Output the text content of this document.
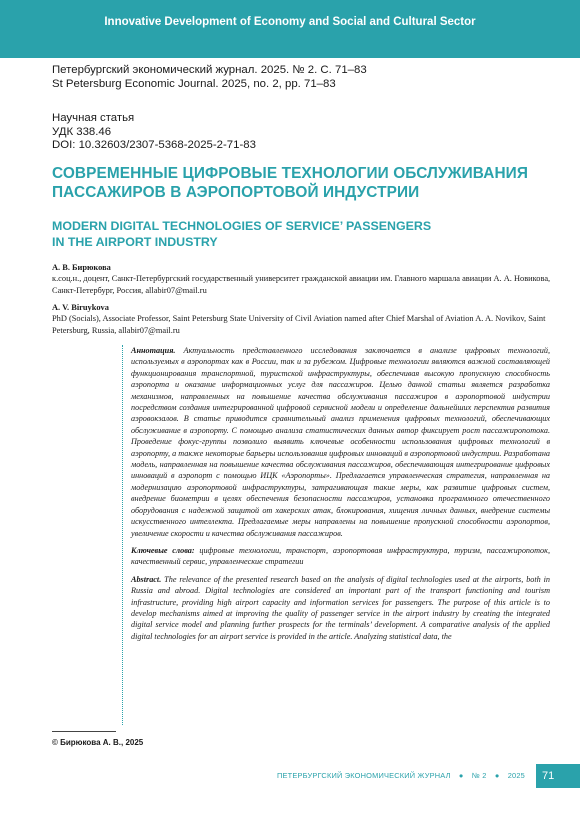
Innovative Development of Economy and Social and Cultural Sector
Петербургский экономический журнал. 2025. № 2. С. 71–83
St Petersburg Economic Journal. 2025, no. 2, pp. 71–83
Научная статья
УДК 338.46
DOI: 10.32603/2307-5368-2025-2-71-83
СОВРЕМЕННЫЕ ЦИФРОВЫЕ ТЕХНОЛОГИИ ОБСЛУЖИВАНИЯ ПАССАЖИРОВ В АЭРОПОРТОВОЙ ИНДУСТРИИ
MODERN DIGITAL TECHNOLOGIES OF SERVICE’ PASSENGERS
IN THE AIRPORT INDUSTRY
А. В. Бирюкова
к.соц.н., доцент, Санкт-Петербургский государственный университет гражданской авиации им. Главного маршала авиации А. А. Новикова, Санкт-Петербург, Россия, allabir07@mail.ru
A. V. Biruykova
PhD (Socials), Associate Professor, Saint Petersburg State University of Civil Aviation named after Chief Marshal of Aviation A. A. Novikov, Saint Petersburg, Russia, allabir07@mail.ru

Аннотация. Актуальность представленного исследования заключается в анализе цифровых технологий, используемых в аэропортах как в России, так и за рубежом. Цифровые технологии являются важной составляющей функционирования транспортной, туристской инфраструктуры, обеспечивая высокую пропускную способность аэропорта и оказание информационных услуг для пассажиров. Целью данной статьи является разработка механизмов, направленных на повышение качества обслуживания пассажиров в аэропортовой индустрии посредством создания интегрированной цифровой сервисной модели и определение дальнейших перспектив развития аэровокзалов. В статье приводится сравнительный анализ применения цифровых технологий, обеспечивающих обслуживание в аэропорту. С помощью анализа статистических данных автор фиксирует рост пассажиропотока. Проведение фокус-группы позволило выявить ключевые особенности использования цифровых технологий в аэропорту, а также некоторые барьеры использования цифровых инноваций в аэропортовой индустрии. Разработана модель, направленная на повышение качества обслуживания пассажиров, обеспечивающая интегрирование цифровых инноваций в аэропорт с помощью ИЦК «Аэропорты». Предлагается управленческая стратегия, направленная на модернизацию аэропортовой инфраструктуры, затрагивающая такие меры, как развитие цифровых систем, внедрение биометрии в целях обеспечения безопасности пассажиров, установка программного отечественного оборудования с надежной защитой от хакерских атак, блокирования, хищения личных данных, внедрение системы искусственного интеллекта. Предлагаемые меры направлены на повышение пропускной способности аэропортов, увеличение скорости и качества обслуживания пассажиров.

Ключевые слова: цифровые технологии, транспорт, аэропортовая инфраструктура, туризм, пассажиропоток, качественный сервис, управленческие стратегии

Abstract. The relevance of the presented research based on the analysis of digital technologies used at the airports, both in Russia and abroad. Digital technologies are considered an important part of the transport functioning and tourism infrastructure, providing high airport capacity and information services for passengers. The purpose of this article is to develop mechanisms aimed at improving the quality of passenger service in the airport industry by creating the integrated digital service model and planning further prospects for the terminals’ development. A comparative analysis of the applied digital technologies for an airport service is provided in the article. Analyzing statistical data, the

© Бирюкова А. В., 2025
ПЕТЕРБУРГСКИЙ ЭКОНОМИЧЕСКИЙ ЖУРНАЛ ● № 2 ● 2025	71
